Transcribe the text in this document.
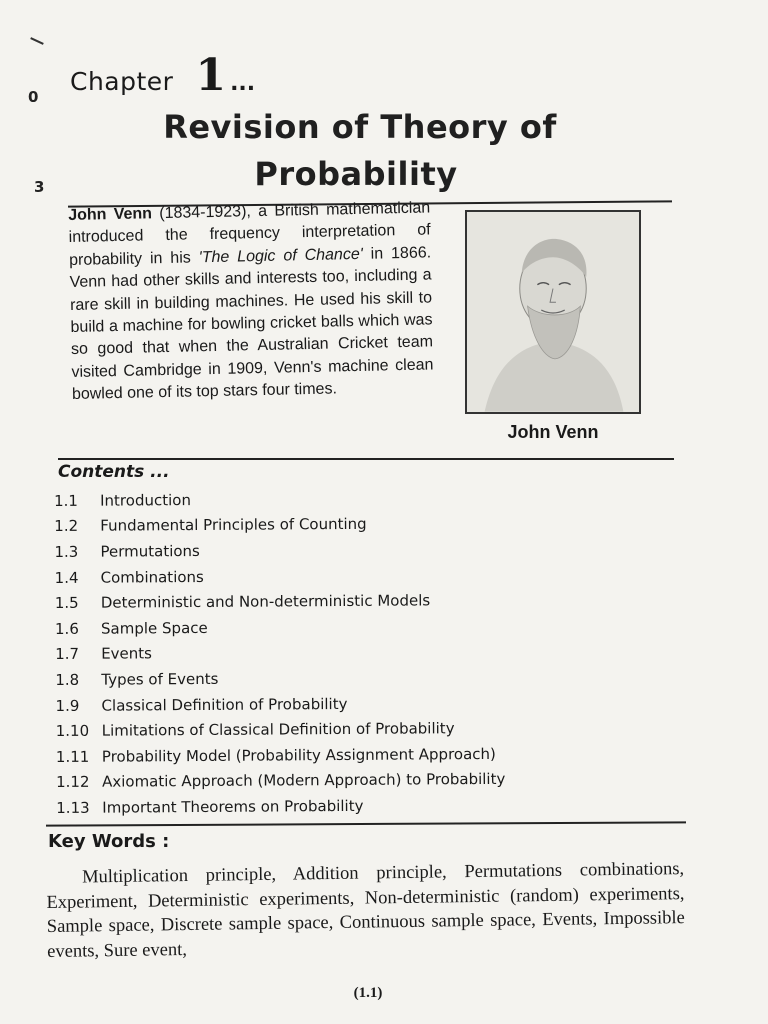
0
3
Chapter 1 ...
Revision of Theory of
Probability
John Venn (1834-1923), a British mathematician introduced the frequency interpretation of probability in his 'The Logic of Chance' in 1866. Venn had other skills and interests too, including a rare skill in building machines. He used his skill to build a machine for bowling cricket balls which was so good that when the Australian Cricket team visited Cambridge in 1909, Venn's machine clean bowled one of its top stars four times.
John Venn
Contents ...
1.1	Introduction
1.2	Fundamental Principles of Counting
1.3	Permutations
1.4	Combinations
1.5	Deterministic and Non-deterministic Models
1.6	Sample Space
1.7	Events
1.8	Types of Events
1.9	Classical Definition of Probability
1.10 Limitations of Classical Definition of Probability
1.11 Probability Model (Probability Assignment Approach)
1.12 Axiomatic Approach (Modern Approach) to Probability
1.13 Important Theorems on Probability
Key Words :
Multiplication principle, Addition principle, Permutations combinations, Experiment, Deterministic experiments, Non-deterministic (random) experiments, Sample space, Discrete sample space, Continuous sample space, Events, Impossible events, Sure event,
(1.1)
